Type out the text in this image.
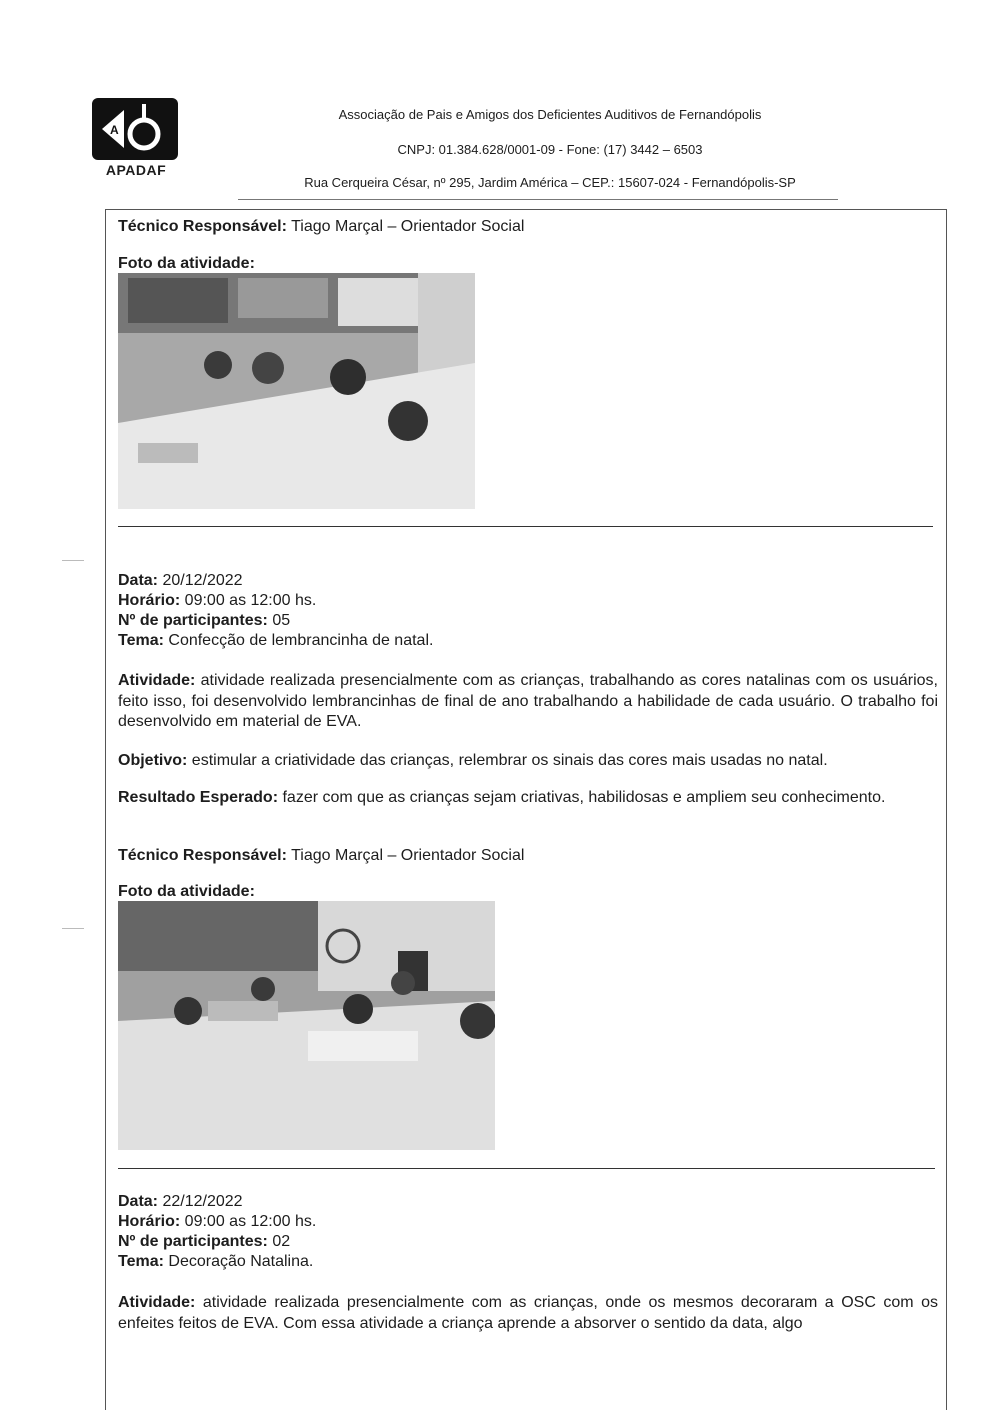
A
APADAF
Associação de Pais e Amigos dos Deficientes Auditivos de Fernandópolis
CNPJ: 01.384.628/0001-09 - Fone: (17) 3442 – 6503
Rua Cerqueira César, nº 295, Jardim América – CEP.: 15607-024 - Fernandópolis-SP
Técnico Responsável: Tiago Marçal – Orientador Social
Foto da atividade:
Data: 20/12/2022
Horário: 09:00 as 12:00 hs.
Nº de participantes: 05
Tema: Confecção de lembrancinha de natal.
Atividade: atividade realizada presencialmente com as crianças, trabalhando as cores natalinas com os usuários, feito isso, foi desenvolvido lembrancinhas de final de ano trabalhando a habilidade de cada usuário. O trabalho foi desenvolvido em material de EVA.
Objetivo: estimular a criatividade das crianças, relembrar os sinais das cores mais usadas no natal.
Resultado Esperado: fazer com que as crianças sejam criativas, habilidosas e ampliem seu conhecimento.
Técnico Responsável: Tiago Marçal – Orientador Social
Foto da atividade:
Data: 22/12/2022
Horário: 09:00 as 12:00 hs.
Nº de participantes: 02
Tema: Decoração Natalina.
Atividade: atividade realizada presencialmente com as crianças, onde os mesmos decoraram a OSC com os enfeites feitos de EVA. Com essa atividade a criança aprende a absorver o sentido da data, algo
